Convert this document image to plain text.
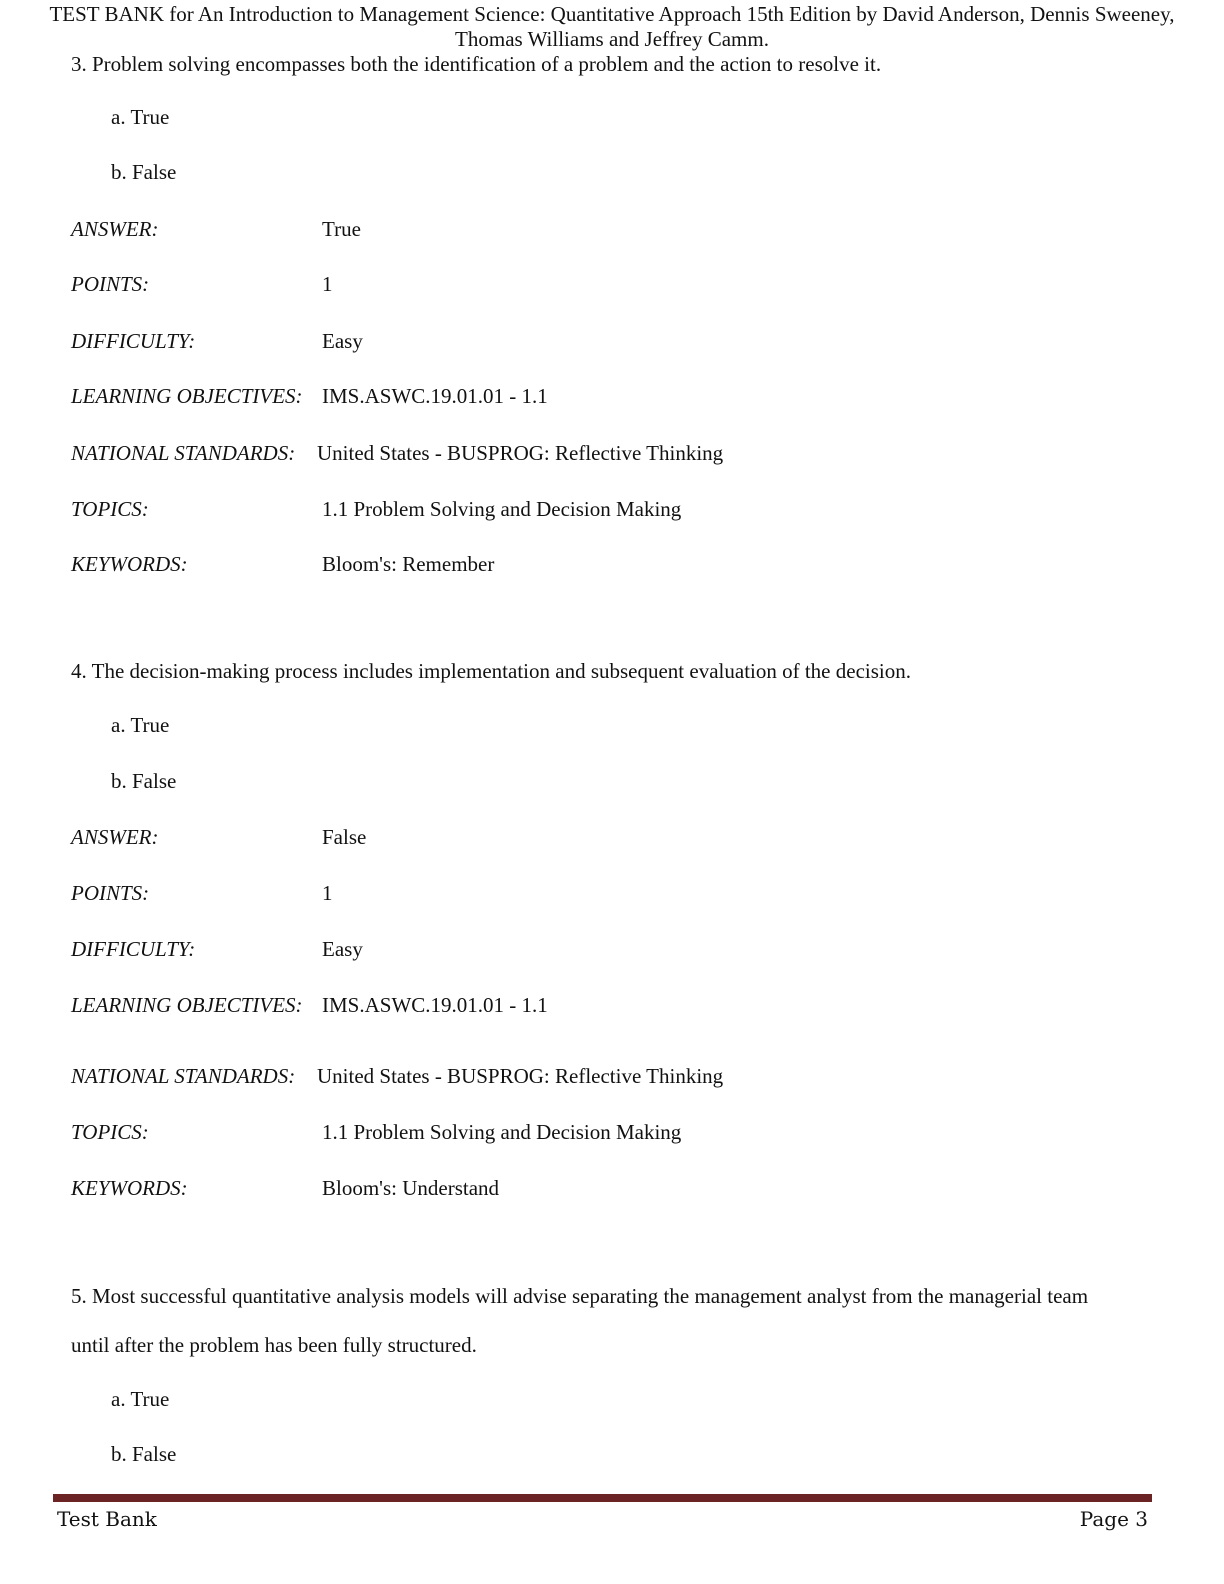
TEST BANK for An Introduction to Management Science: Quantitative Approach 15th Edition by David Anderson, Dennis Sweeney, Thomas Williams and Jeffrey Camm.
3. Problem solving encompasses both the identification of a problem and the action to resolve it.
a. True
b. False
ANSWER:	True
POINTS:	1
DIFFICULTY:	Easy
LEARNING OBJECTIVES: IMS.ASWC.19.01.01 - 1.1
NATIONAL STANDARDS: United States - BUSPROG: Reflective Thinking
TOPICS:	1.1 Problem Solving and Decision Making
KEYWORDS:	Bloom's: Remember
4. The decision-making process includes implementation and subsequent evaluation of the decision.
a. True
b. False
ANSWER:	False
POINTS:	1
DIFFICULTY:	Easy
LEARNING OBJECTIVES: IMS.ASWC.19.01.01 - 1.1
NATIONAL STANDARDS: United States - BUSPROG: Reflective Thinking
TOPICS:	1.1 Problem Solving and Decision Making
KEYWORDS:	Bloom's: Understand
5. Most successful quantitative analysis models will advise separating the management analyst from the managerial team
until after the problem has been fully structured.
a. True
b. False
Test Bank	Page 3
